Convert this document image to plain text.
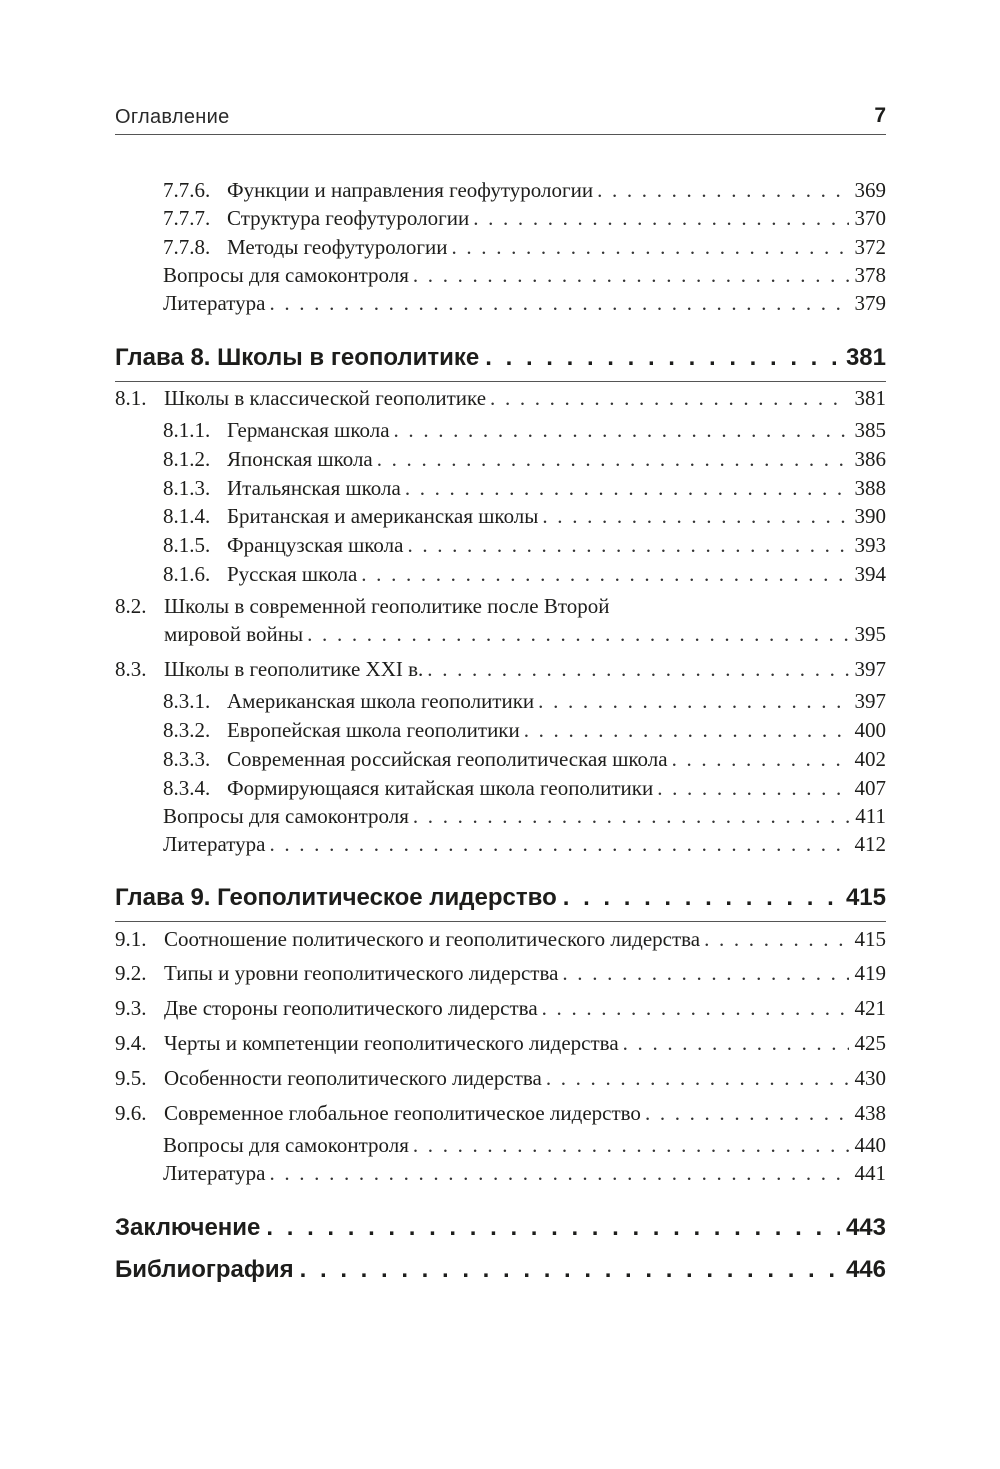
Оглавление	7
7.7.6. Функции и направления геофутурологии . . .	369
7.7.7. Структура геофутурологии . . .	370
7.7.8. Методы геофутурологии . . .	372
Вопросы для самоконтроля . . .	378
Литература . . .	379
Глава 8. Школы в геополитике . . .	381
8.1. Школы в классической геополитике . . .	381
8.1.1. Германская школа . . .	385
8.1.2. Японская школа . . .	386
8.1.3. Итальянская школа . . .	388
8.1.4. Британская и американская школы . . .	390
8.1.5. Французская школа . . .	393
8.1.6. Русская школа . . .	394
8.2. Школы в современной геополитике после Второй
мировой войны . . .	395
8.3. Школы в геополитике XXI в. . . .	397
8.3.1. Американская школа геополитики . . .	397
8.3.2. Европейская школа геополитики . . .	400
8.3.3. Современная российская геополитическая школа . . .	402
8.3.4. Формирующаяся китайская школа геополитики . . .	407
Вопросы для самоконтроля . . .	411
Литература . . .	412
Глава 9. Геополитическое лидерство . . .	415
9.1. Соотношение политического и геополитического лидерства . . .	415
9.2. Типы и уровни геополитического лидерства . . .	419
9.3. Две стороны геополитического лидерства . . .	421
9.4. Черты и компетенции геополитического лидерства . . .	425
9.5. Особенности геополитического лидерства . . .	430
9.6. Современное глобальное геополитическое лидерство . . .	438
Вопросы для самоконтроля . . .	440
Литература . . .	441
Заключение . . .	443
Библиография . . .	446
